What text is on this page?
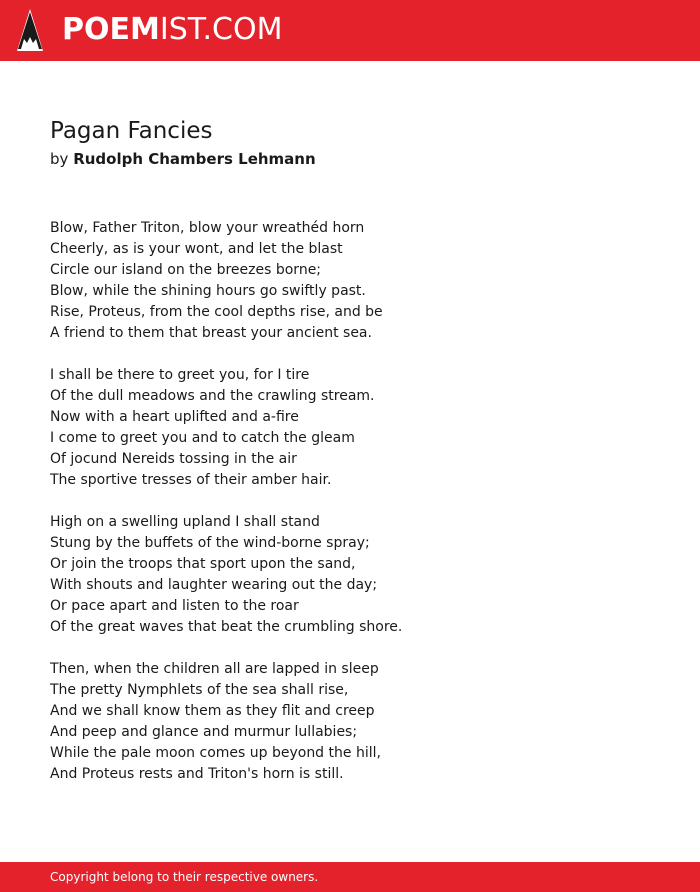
POEMIST.COM
Pagan Fancies
by Rudolph Chambers Lehmann
Blow, Father Triton, blow your wreathéd horn
Cheerly, as is your wont, and let the blast
Circle our island on the breezes borne;
Blow, while the shining hours go swiftly past.
Rise, Proteus, from the cool depths rise, and be
A friend to them that breast your ancient sea.
I shall be there to greet you, for I tire
Of the dull meadows and the crawling stream.
Now with a heart uplifted and a-fire
I come to greet you and to catch the gleam
Of jocund Nereids tossing in the air
The sportive tresses of their amber hair.
High on a swelling upland I shall stand
Stung by the buffets of the wind-borne spray;
Or join the troops that sport upon the sand,
With shouts and laughter wearing out the day;
Or pace apart and listen to the roar
Of the great waves that beat the crumbling shore.
Then, when the children all are lapped in sleep
The pretty Nymphlets of the sea shall rise,
And we shall know them as they flit and creep
And peep and glance and murmur lullabies;
While the pale moon comes up beyond the hill,
And Proteus rests and Triton's horn is still.
Copyright belong to their respective owners.
